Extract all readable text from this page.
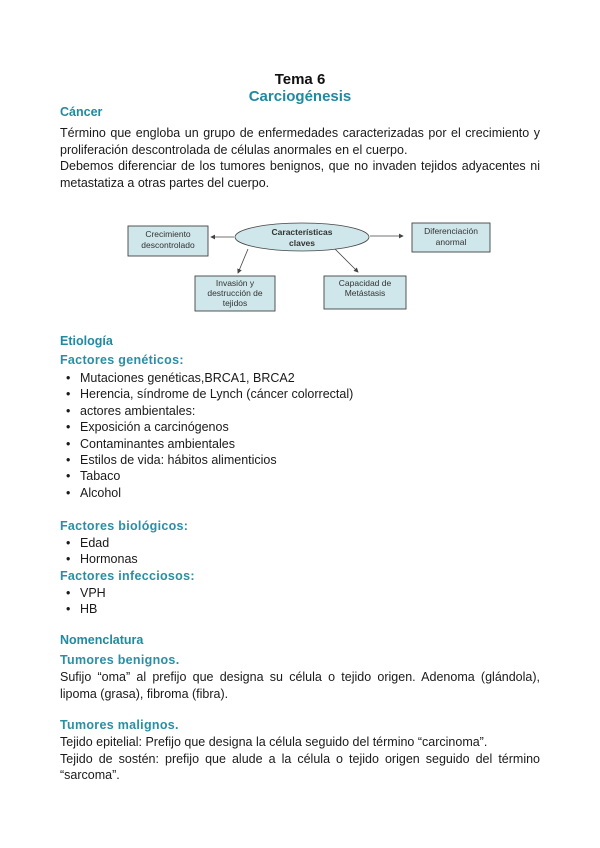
Tema 6
Carciogénesis
Cáncer
Término que engloba un grupo de enfermedades caracterizadas por el crecimiento y
proliferación descontrolada de células anormales en el cuerpo.
Debemos diferenciar de los tumores benignos, que no invaden tejidos adyacentes ni
metastatiza a otras partes del cuerpo.
Características
claves
Crecimiento
descontrolado
Diferenciación
anormal
Invasión y
destrucción de
tejidos
Capacidad de
Metástasis
Etiología
Factores genéticos:
• Mutaciones genéticas,BRCA1, BRCA2
• Herencia, síndrome de Lynch (cáncer colorrectal)
• actores ambientales:
• Exposición a carcinógenos
• Contaminantes ambientales
• Estilos de vida: hábitos alimenticios
• Tabaco
• Alcohol
Factores biológicos:
• Edad
• Hormonas
Factores infecciosos:
• VPH
• HB
Nomenclatura
Tumores benignos.
Sufijo “oma” al prefijo que designa su célula o tejido origen. Adenoma (glándola),
lipoma (grasa), fibroma (fibra).
Tumores malignos.
Tejido epitelial: Prefijo que designa la célula seguido del término “carcinoma”.
Tejido de sostén: prefijo que alude a la célula o tejido origen seguido del término
“sarcoma”.
